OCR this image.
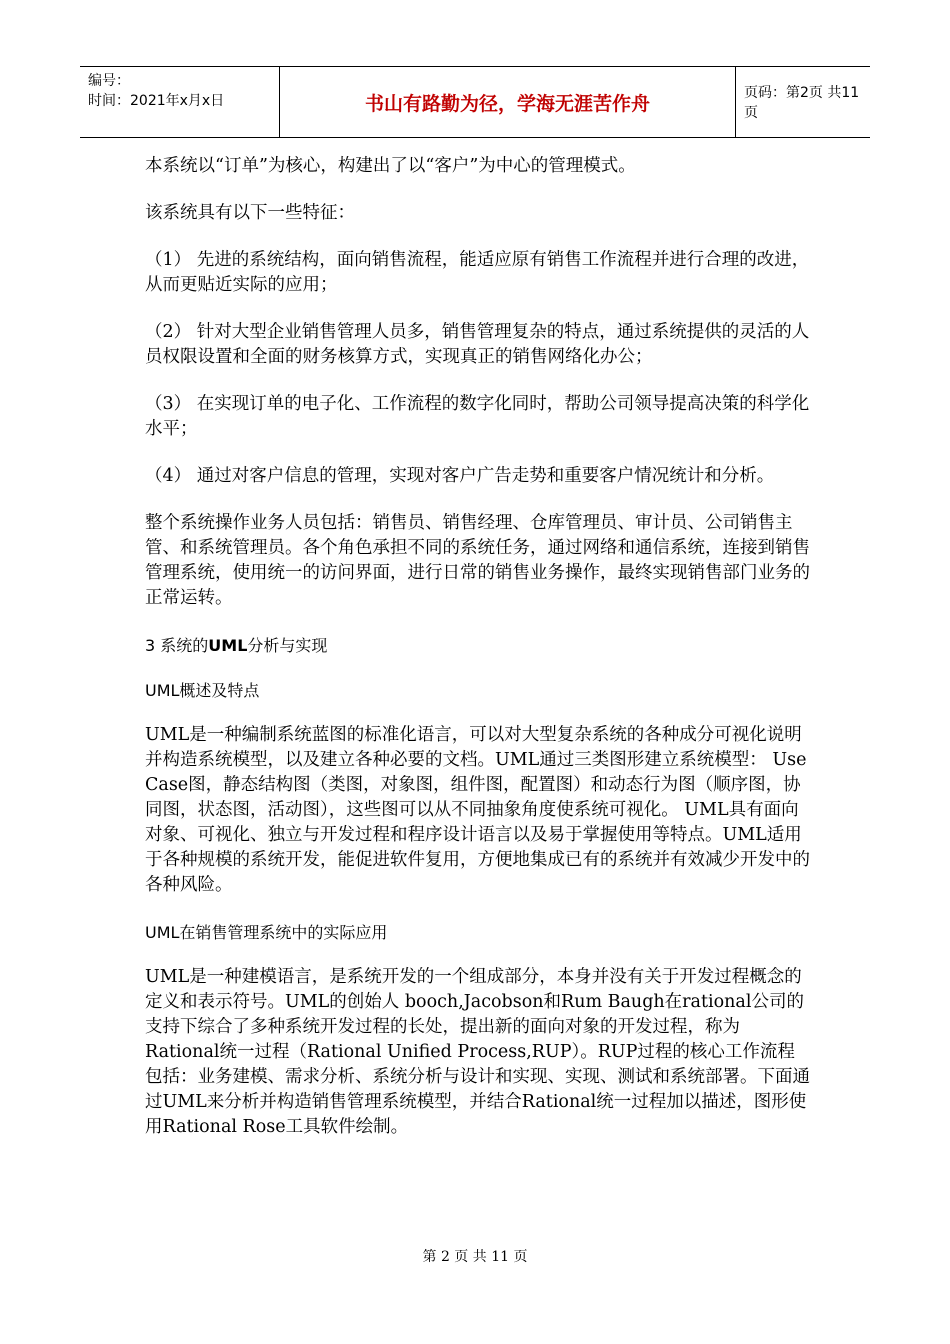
编号：
时间：2021年x月x日	书山有路勤为径，学海无涯苦作舟	页码：第2页 共11页

本系统以“订单”为核心，构建出了以“客户”为中心的管理模式。

该系统具有以下一些特征：

（1） 先进的系统结构，面向销售流程，能适应原有销售工作流程并进行合理的改进，从而更贴近实际的应用；

（2） 针对大型企业销售管理人员多，销售管理复杂的特点，通过系统提供的灵活的人员权限设置和全面的财务核算方式，实现真正的销售网络化办公；

（3） 在实现订单的电子化、工作流程的数字化同时，帮助公司领导提高决策的科学化水平；

（4） 通过对客户信息的管理，实现对客户广告走势和重要客户情况统计和分析。

整个系统操作业务人员包括：销售员、销售经理、仓库管理员、审计员、公司销售主管、和系统管理员。各个角色承担不同的系统任务，通过网络和通信系统，连接到销售管理系统，使用统一的访问界面，进行日常的销售业务操作，最终实现销售部门业务的正常运转。

3 系统的UML分析与实现

UML概述及特点

UML是一种编制系统蓝图的标准化语言，可以对大型复杂系统的各种成分可视化说明并构造系统模型，以及建立各种必要的文档。UML通过三类图形建立系统模型： Use Case图，静态结构图（类图，对象图，组件图，配置图）和动态行为图（顺序图，协同图，状态图，活动图），这些图可以从不同抽象角度使系统可视化。 UML具有面向对象、可视化、独立与开发过程和程序设计语言以及易于掌握使用等特点。UML适用于各种规模的系统开发，能促进软件复用，方便地集成已有的系统并有效减少开发中的各种风险。

UML在销售管理系统中的实际应用

UML是一种建模语言，是系统开发的一个组成部分，本身并没有关于开发过程概念的定义和表示符号。UML的创始人 booch,Jacobson和Rum Baugh在rational公司的支持下综合了多种系统开发过程的长处，提出新的面向对象的开发过程，称为Rational统一过程（Rational Unified Process,RUP）。RUP过程的核心工作流程包括：业务建模、需求分析、系统分析与设计和实现、实现、测试和系统部署。下面通过UML来分析并构造销售管理系统模型，并结合Rational统一过程加以描述，图形使用Rational Rose工具软件绘制。

第 2 页 共 11 页
